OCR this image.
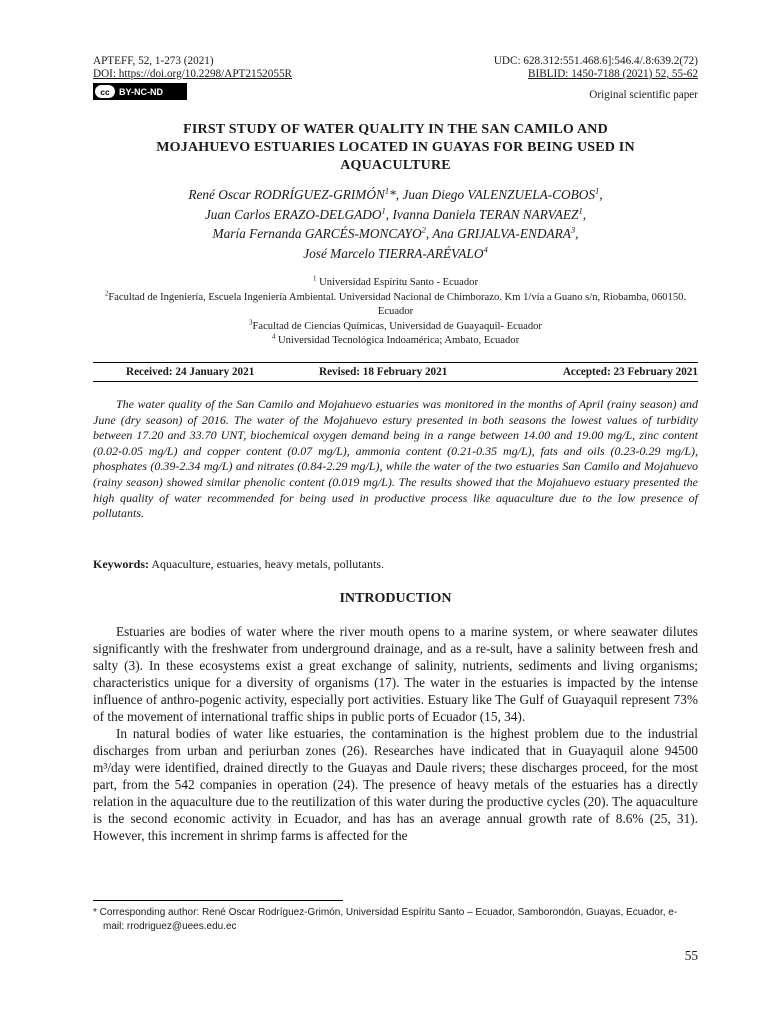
APTEFF, 52, 1-273 (2021)	UDC: 628.312:551.468.6]:546.4/.8:639.2(72)
DOI: https://doi.org/10.2298/APT2152055R	BIBLID: 1450-7188 (2021) 52, 55-62
cc	BY-NC-ND	Original scientific paper
FIRST STUDY OF WATER QUALITY IN THE SAN CAMILO AND
MOJAHUEVO ESTUARIES LOCATED IN GUAYAS FOR BEING USED IN
AQUACULTURE
René Oscar RODRÍGUEZ-GRIMÓN$^1$*, Juan Diego VALENZUELA-COBOS$^1$,
Juan Carlos ERAZO-DELGADO$^1$, Ivanna Daniela TERAN NARVAEZ$^1$,
María Fernanda GARCÉS-MONCAYO$^2$, Ana GRIJALVA-ENDARA$^3$,
José Marcelo TIERRA-ARÉVALO$^4$
$^1$ Universidad Espíritu Santo - Ecuador
$^2$Facultad de Ingeniería, Escuela Ingeniería Ambiental. Universidad Nacional de Chimborazo. Km 1/vía a Guano s/n, Riobamba, 060150. Ecuador
$^3$Facultad de Ciencias Químicas, Universidad de Guayaquil- Ecuador
$^4$ Universidad Tecnológica Indoamérica; Ambato, Ecuador
Received: 24 January 2021	Revised: 18 February 2021	Accepted: 23 February 2021
The water quality of the San Camilo and Mojahuevo estuaries was monitored in the months of April (rainy season) and June (dry season) of 2016. The water of the Mojahuevo estury presented in both seasons the lowest values of turbidity between 17.20 and 33.70 UNT, biochemical oxygen demand being in a range between 14.00 and 19.00 mg/L, zinc content (0.02-0.05 mg/L) and copper content (0.07 mg/L), ammonia content (0.21-0.35 mg/L), fats and oils (0.23-0.29 mg/L), phosphates (0.39-2.34 mg/L) and nitrates (0.84-2.29 mg/L), while the water of the two estuaries San Camilo and Mojahuevo (rainy season) showed similar phenolic content (0.019 mg/L). The results showed that the Mojahuevo estuary presented the high quality of water recommended for being used in productive process like aquaculture due to the low presence of pollutants.
Keywords: Aquaculture, estuaries, heavy metals, pollutants.
INTRODUCTION

Estuaries are bodies of water where the river mouth opens to a marine system, or where seawater dilutes significantly with the freshwater from underground drainage, and as a re-sult, have a salinity between fresh and salty (3). In these ecosystems exist a great exchange of salinity, nutrients, sediments and living organisms; characteristics unique for a diversity of organisms (17). The water in the estuaries is impacted by the intense influence of anthro-pogenic activity, especially port activities. Estuary like The Gulf of Guayaquil represent 73% of the movement of international traffic ships in public ports of Ecuador (15, 34).

In natural bodies of water like estuaries, the contamination is the highest problem due to the industrial discharges from urban and periurban zones (26). Researches have indicated that in Guayaquil alone 94500 m³/day were identified, drained directly to the Guayas and Daule rivers; these discharges proceed, for the most part, from the 542 companies in operation (24). The presence of heavy metals of the estuaries has a directly relation in the aquaculture due to the reutilization of this water during the productive cycles (20). The aquaculture is the second economic activity in Ecuador, and has has an average annual growth rate of 8.6% (25, 31). However, this increment in shrimp farms is affected for the

* Corresponding author: René Oscar Rodríguez-Grimón, Universidad Espíritu Santo – Ecuador, Samborondón, Guayas, Ecuador, e-mail: rrodriguez@uees.edu.ec
55
